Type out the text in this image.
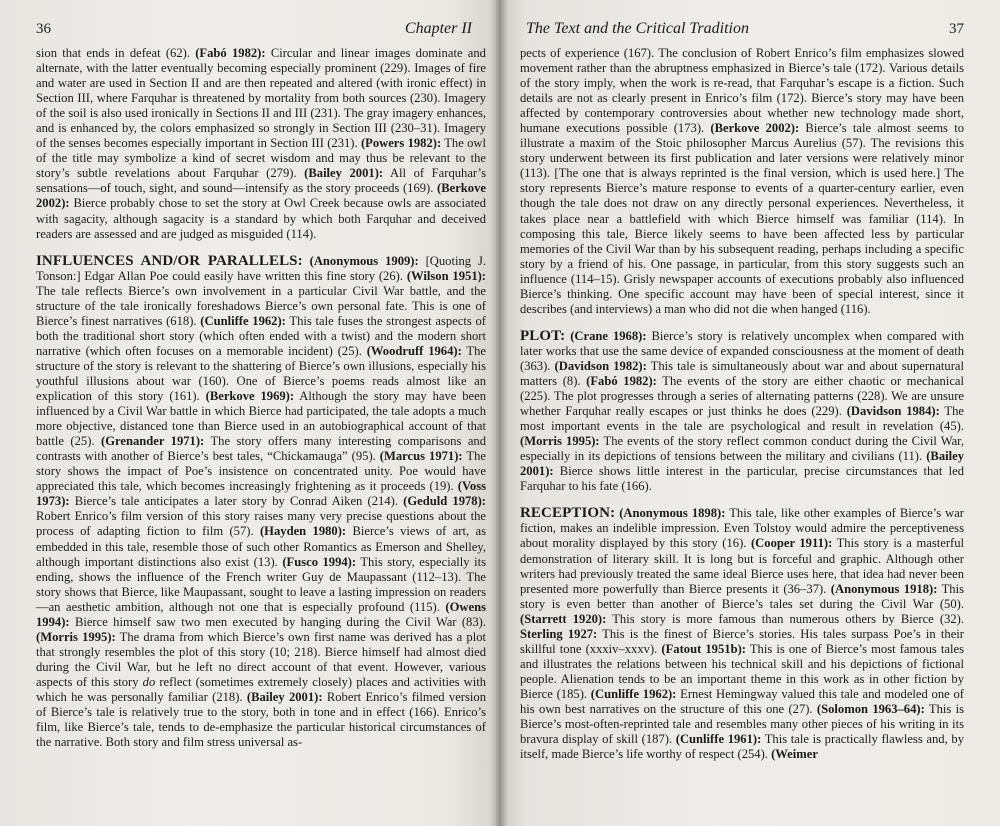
36	Chapter II

sion that ends in defeat (62). (Fabó 1982): Circular and linear images dominate and alternate, with the latter eventually becoming especially prominent (229). Images of fire and water are used in Section II and are then repeated and altered (with ironic effect) in Section III, where Farquhar is threatened by mortality from both sources (230). Imagery of the soil is also used ironically in Sections II and III (231). The gray imagery enhances, and is enhanced by, the colors emphasized so strongly in Section III (230–31). Imagery of the senses becomes especially important in Section III (231). (Powers 1982): The owl of the title may symbolize a kind of secret wisdom and may thus be relevant to the story’s subtle revelations about Farquhar (279). (Bailey 2001): All of Farquhar’s sensations—of touch, sight, and sound—intensify as the story proceeds (169). (Berkove 2002): Bierce probably chose to set the story at Owl Creek because owls are associated with sagacity, although sagacity is a standard by which both Farquhar and deceived readers are assessed and are judged as misguided (114).

INFLUENCES AND/OR PARALLELS: (Anonymous 1909): [Quoting J. Tonson:] Edgar Allan Poe could easily have written this fine story (26). (Wilson 1951): The tale reflects Bierce’s own involvement in a particular Civil War battle, and the structure of the tale ironically foreshadows Bierce’s own personal fate. This is one of Bierce’s finest narratives (618). (Cunliffe 1962): This tale fuses the strongest aspects of both the traditional short story (which often ended with a twist) and the modern short narrative (which often focuses on a memorable incident) (25). (Woodruff 1964): The structure of the story is relevant to the shattering of Bierce’s own illusions, especially his youthful illusions about war (160). One of Bierce’s poems reads almost like an explication of this story (161). (Berkove 1969): Although the story may have been influenced by a Civil War battle in which Bierce had participated, the tale adopts a much more objective, distanced tone than Bierce used in an autobiographical account of that battle (25). (Grenander 1971): The story offers many interesting comparisons and contrasts with another of Bierce’s best tales, “Chickamauga” (95). (Marcus 1971): The story shows the impact of Poe’s insistence on concentrated unity. Poe would have appreciated this tale, which becomes increasingly frightening as it proceeds (19). (Voss 1973): Bierce’s tale anticipates a later story by Conrad Aiken (214). (Geduld 1978): Robert Enrico’s film version of this story raises many very precise questions about the process of adapting fiction to film (57). (Hayden 1980): Bierce’s views of art, as embedded in this tale, resemble those of such other Romantics as Emerson and Shelley, although important distinctions also exist (13). (Fusco 1994): This story, especially its ending, shows the influence of the French writer Guy de Maupassant (112–13). The story shows that Bierce, like Maupassant, sought to leave a lasting impression on readers—an aesthetic ambition, although not one that is especially profound (115). (Owens 1994): Bierce himself saw two men executed by hanging during the Civil War (83). (Morris 1995): The drama from which Bierce’s own first name was derived has a plot that strongly resembles the plot of this story (10; 218). Bierce himself had almost died during the Civil War, but he left no direct account of that event. However, various aspects of this story do reflect (sometimes extremely closely) places and activities with which he was personally familiar (218). (Bailey 2001): Robert Enrico’s filmed version of Bierce’s tale is relatively true to the story, both in tone and in effect (166). Enrico’s film, like Bierce’s tale, tends to de-emphasize the particular historical circumstances of the narrative. Both story and film stress universal as-

The Text and the Critical Tradition	37

pects of experience (167). The conclusion of Robert Enrico’s film emphasizes slowed movement rather than the abruptness emphasized in Bierce’s tale (172). Various details of the story imply, when the work is re-read, that Farquhar’s escape is a fiction. Such details are not as clearly present in Enrico’s film (172). Bierce’s story may have been affected by contemporary controversies about whether new technology made short, humane executions possible (173). (Berkove 2002): Bierce’s tale almost seems to illustrate a maxim of the Stoic philosopher Marcus Aurelius (57). The revisions this story underwent between its first publication and later versions were relatively minor (113). [The one that is always reprinted is the final version, which is used here.] The story represents Bierce’s mature response to events of a quarter-century earlier, even though the tale does not draw on any directly personal experiences. Nevertheless, it takes place near a battlefield with which Bierce himself was familiar (114). In composing this tale, Bierce likely seems to have been affected less by particular memories of the Civil War than by his subsequent reading, perhaps including a specific story by a friend of his. One passage, in particular, from this story suggests such an influence (114–15). Grisly newspaper accounts of executions probably also influenced Bierce’s thinking. One specific account may have been of special interest, since it describes (and interviews) a man who did not die when hanged (116).

PLOT: (Crane 1968): Bierce’s story is relatively uncomplex when compared with later works that use the same device of expanded consciousness at the moment of death (363). (Davidson 1982): This tale is simultaneously about war and about supernatural matters (8). (Fabó 1982): The events of the story are either chaotic or mechanical (225). The plot progresses through a series of alternating patterns (228). We are unsure whether Farquhar really escapes or just thinks he does (229). (Davidson 1984): The most important events in the tale are psychological and result in revelation (45). (Morris 1995): The events of the story reflect common conduct during the Civil War, especially in its depictions of tensions between the military and civilians (11). (Bailey 2001): Bierce shows little interest in the particular, precise circumstances that led Farquhar to his fate (166).

RECEPTION: (Anonymous 1898): This tale, like other examples of Bierce’s war fiction, makes an indelible impression. Even Tolstoy would admire the perceptiveness about morality displayed by this story (16). (Cooper 1911): This story is a masterful demonstration of literary skill. It is long but is forceful and graphic. Although other writers had previously treated the same ideal Bierce uses here, that idea had never been presented more powerfully than Bierce presents it (36–37). (Anonymous 1918): This story is even better than another of Bierce’s tales set during the Civil War (50). (Starrett 1920): This story is more famous than numerous others by Bierce (32). Sterling 1927: This is the finest of Bierce’s stories. His tales surpass Poe’s in their skillful tone (xxxiv–xxxv). (Fatout 1951b): This is one of Bierce’s most famous tales and illustrates the relations between his technical skill and his depictions of fictional people. Alienation tends to be an important theme in this work as in other fiction by Bierce (185). (Cunliffe 1962): Ernest Hemingway valued this tale and modeled one of his own best narratives on the structure of this one (27). (Solomon 1963–64): This is Bierce’s most-often-reprinted tale and resembles many other pieces of his writing in its bravura display of skill (187). (Cunliffe 1961): This tale is practically flawless and, by itself, made Bierce’s life worthy of respect (254). (Weimer
